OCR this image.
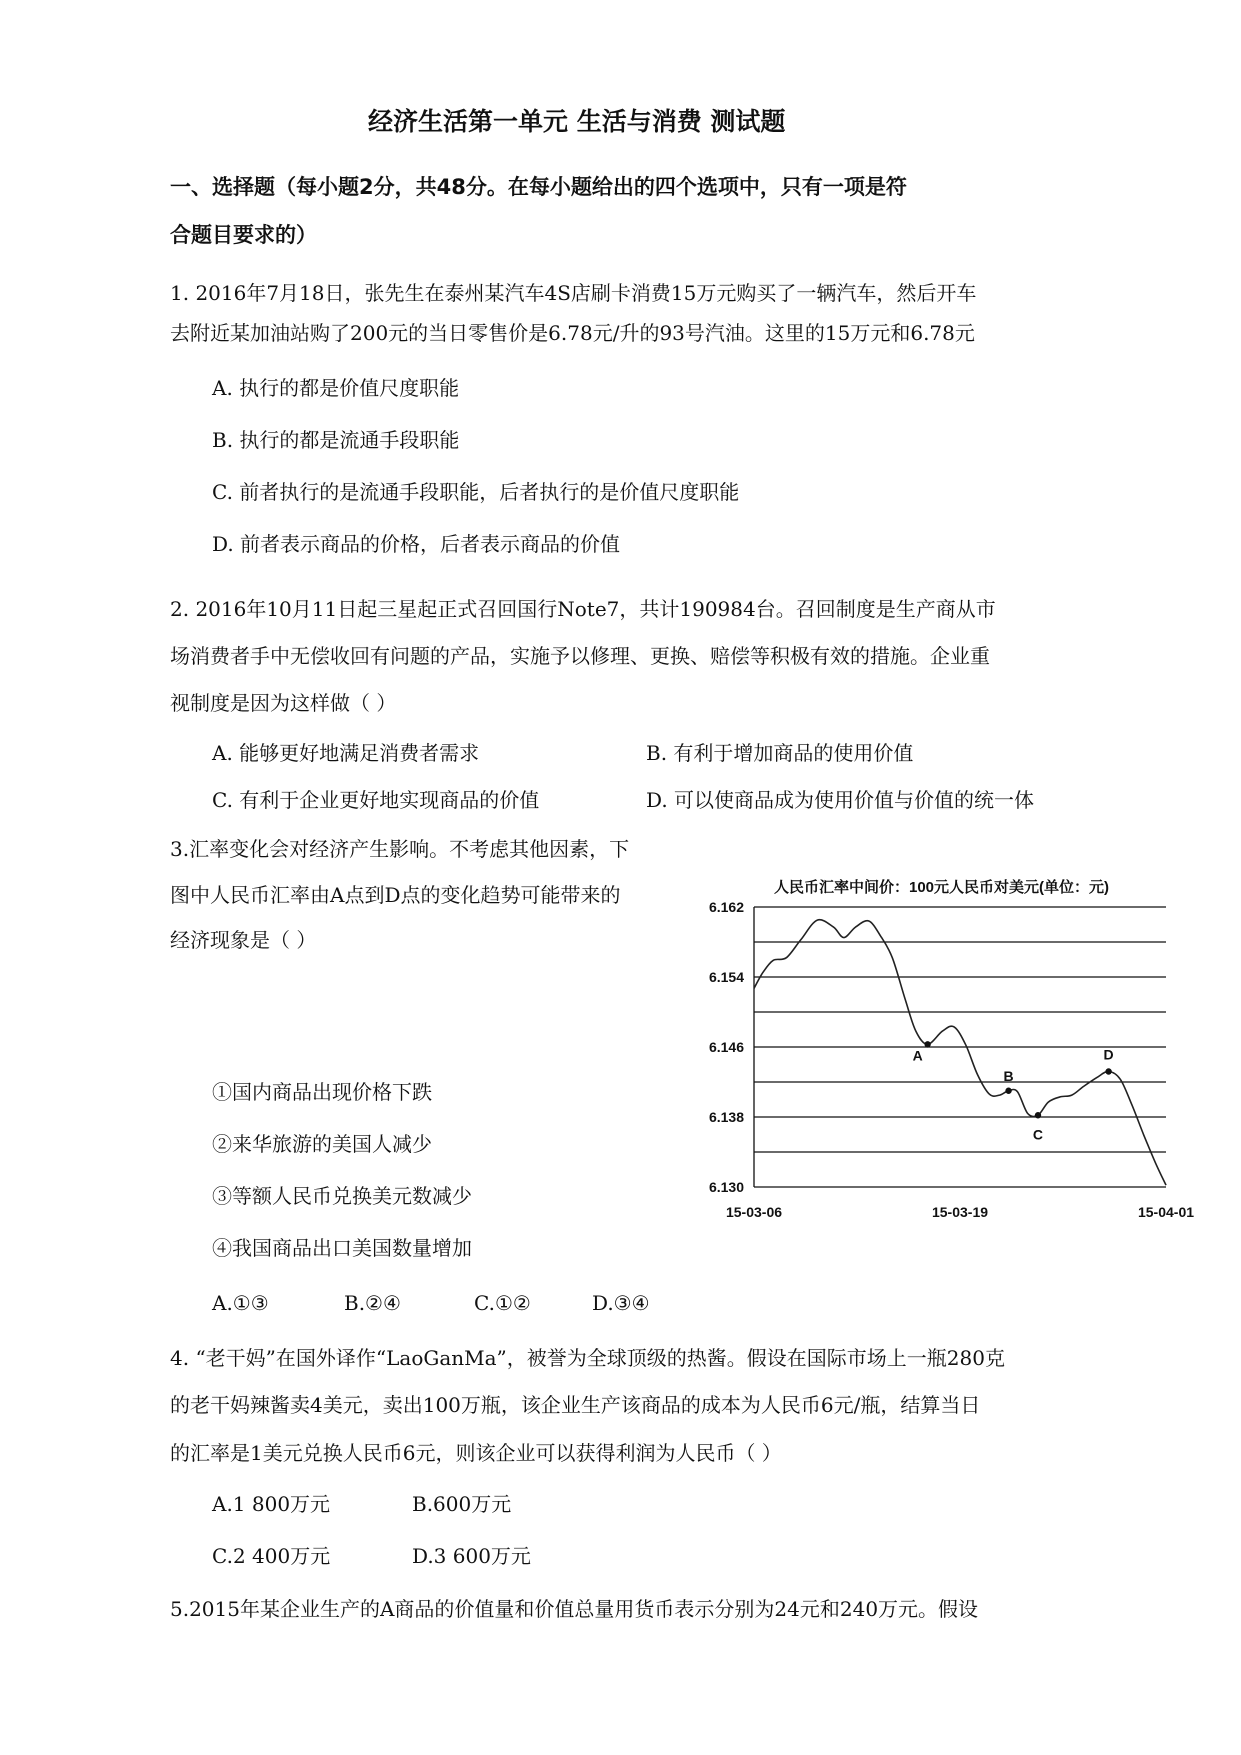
经济生活第一单元 生活与消费 测试题
一、选择题（每小题2分，共48分。在每小题给出的四个选项中，只有一项是符
合题目要求的）
1. 2016年7月18日，张先生在泰州某汽车4S店刷卡消费15万元购买了一辆汽车，然后开车
去附近某加油站购了200元的当日零售价是6.78元/升的93号汽油。这里的15万元和6.78元
A. 执行的都是价值尺度职能
B. 执行的都是流通手段职能
C. 前者执行的是流通手段职能，后者执行的是价值尺度职能
D. 前者表示商品的价格，后者表示商品的价值
2. 2016年10月11日起三星起正式召回国行Note7，共计190984台。召回制度是生产商从市
场消费者手中无偿收回有问题的产品，实施予以修理、更换、赔偿等积极有效的措施。企业重
视制度是因为这样做（ ）
A. 能够更好地满足消费者需求	B. 有利于增加商品的使用价值
C. 有利于企业更好地实现商品的价值	D. 可以使商品成为使用价值与价值的统一体
3.汇率变化会对经济产生影响。不考虑其他因素，下
图中人民币汇率由A点到D点的变化趋势可能带来的
经济现象是（ ）
①国内商品出现价格下跌
②来华旅游的美国人减少
③等额人民币兑换美元数减少
④我国商品出口美国数量增加
A.①③	B.②④	C.①②	D.③④
人民币汇率中间价：100元人民币对美元(单位：元)
6.130
6.138
6.146
6.154
6.162
15-03-06	15-03-19	15-04-01
A
B
C
D
4. “老干妈”在国外译作“LaoGanMa”，被誉为全球顶级的热酱。假设在国际市场上一瓶280克
的老干妈辣酱卖4美元，卖出100万瓶，该企业生产该商品的成本为人民币6元/瓶，结算当日
的汇率是1美元兑换人民币6元，则该企业可以获得利润为人民币（ ）
A.1 800万元	B.600万元
C.2 400万元	D.3 600万元
5.2015年某企业生产的A商品的价值量和价值总量用货币表示分别为24元和240万元。假设
